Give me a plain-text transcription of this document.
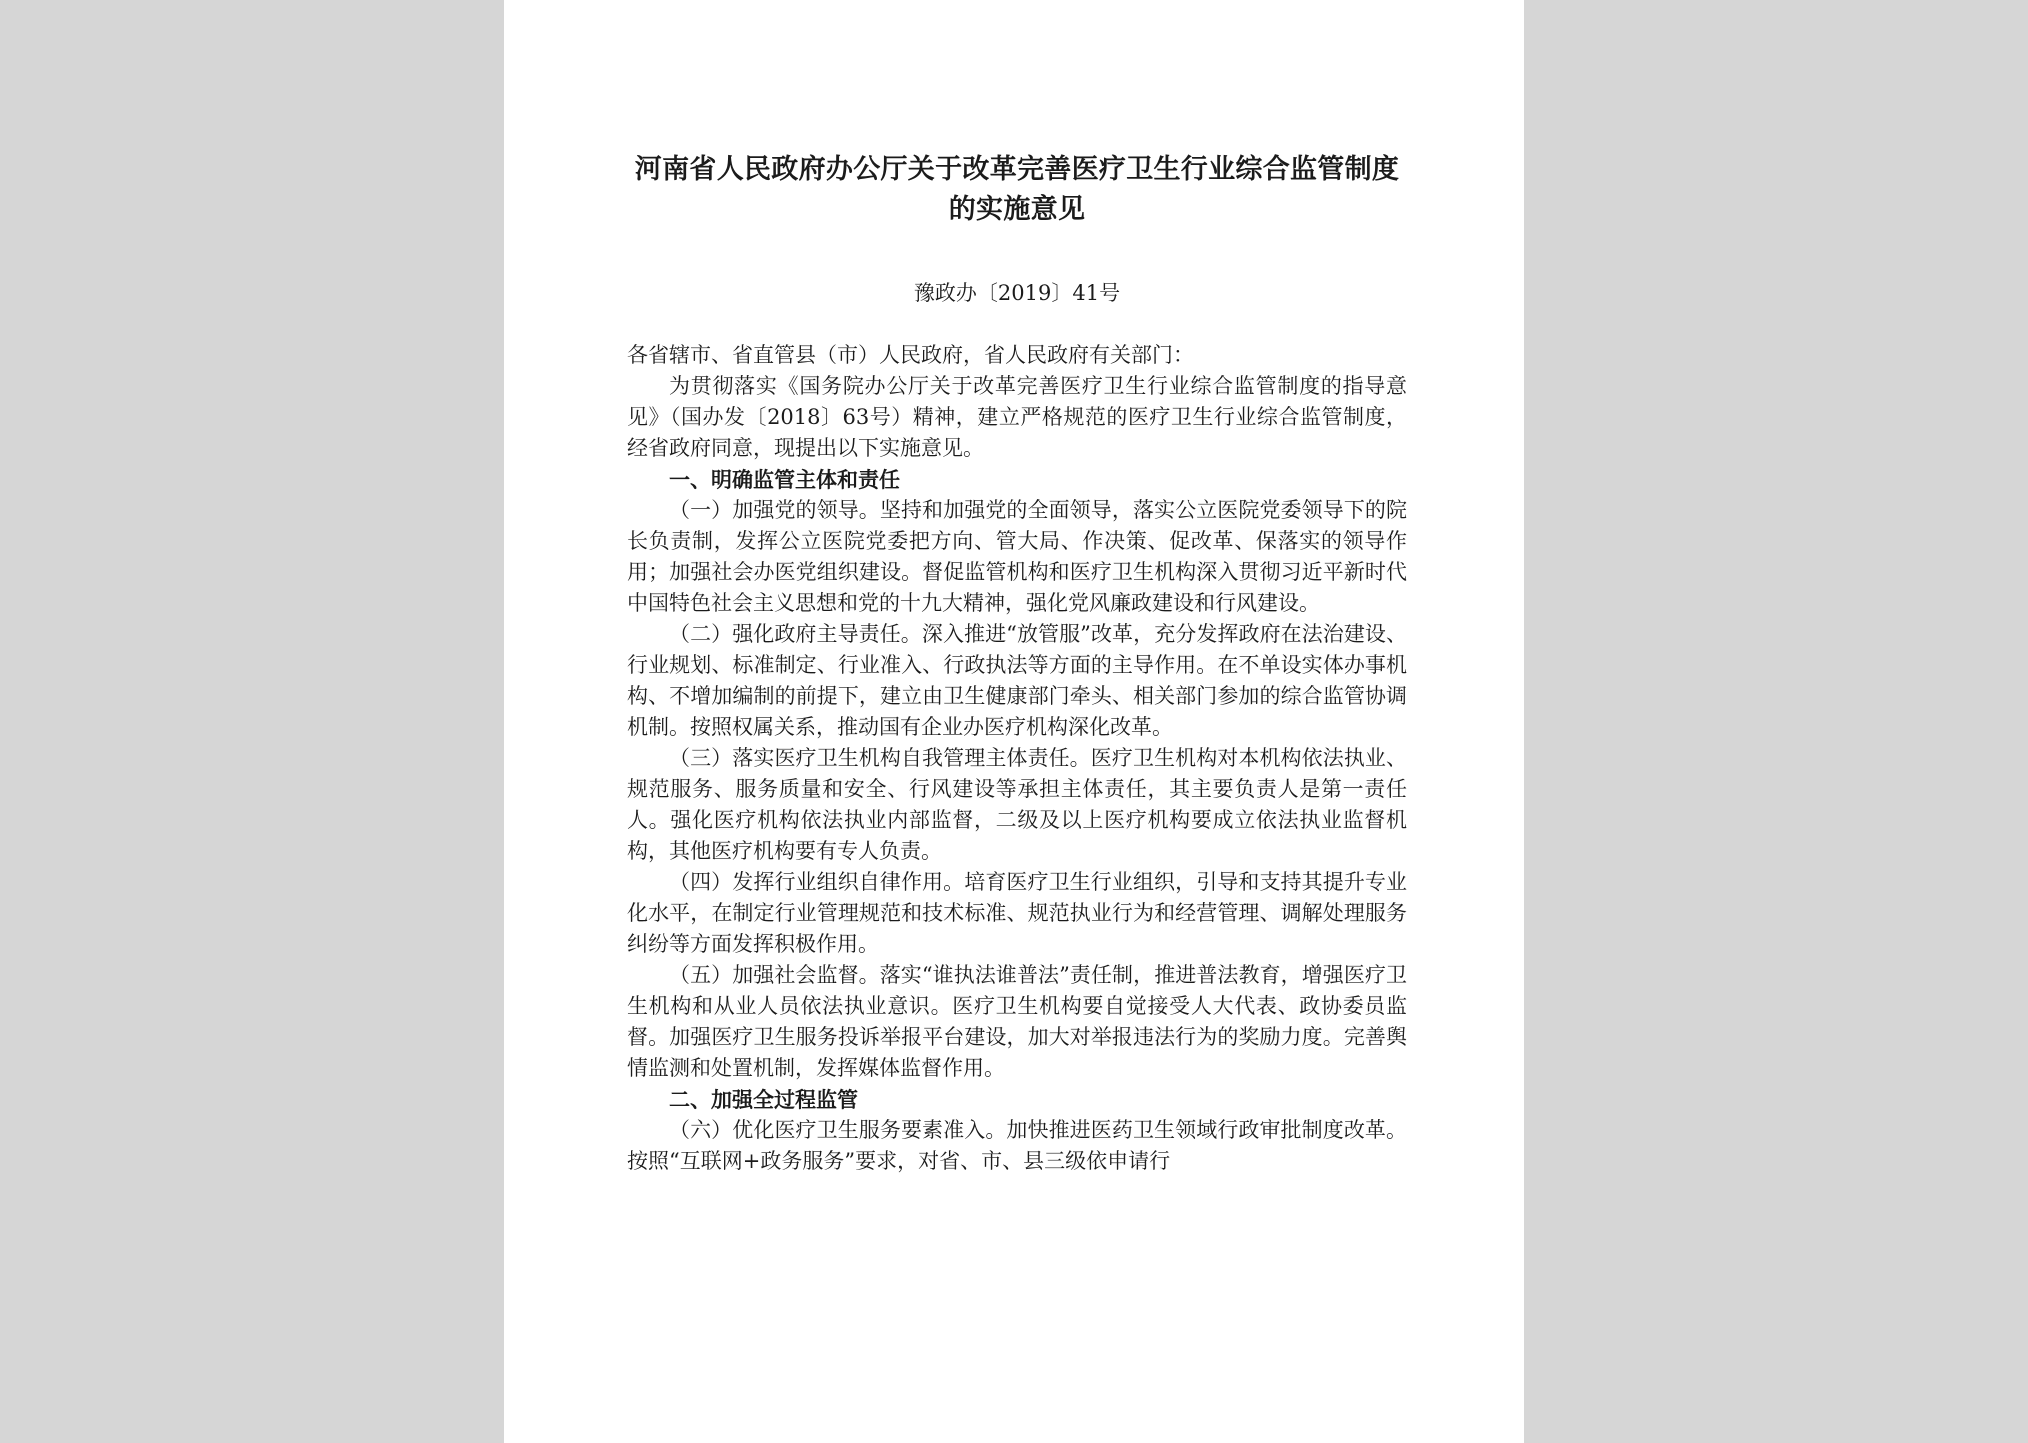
河南省人民政府办公厅关于改革完善医疗卫生行业综合监管制度的实施意见
豫政办〔2019〕41号

各省辖市、省直管县（市）人民政府，省人民政府有关部门：

为贯彻落实《国务院办公厅关于改革完善医疗卫生行业综合监管制度的指导意见》（国办发〔2018〕63号）精神，建立严格规范的医疗卫生行业综合监管制度，经省政府同意，现提出以下实施意见。

一、明确监管主体和责任

（一）加强党的领导。坚持和加强党的全面领导，落实公立医院党委领导下的院长负责制，发挥公立医院党委把方向、管大局、作决策、促改革、保落实的领导作用；加强社会办医党组织建设。督促监管机构和医疗卫生机构深入贯彻习近平新时代中国特色社会主义思想和党的十九大精神，强化党风廉政建设和行风建设。

（二）强化政府主导责任。深入推进“放管服”改革，充分发挥政府在法治建设、行业规划、标准制定、行业准入、行政执法等方面的主导作用。在不单设实体办事机构、不增加编制的前提下，建立由卫生健康部门牵头、相关部门参加的综合监管协调机制。按照权属关系，推动国有企业办医疗机构深化改革。

（三）落实医疗卫生机构自我管理主体责任。医疗卫生机构对本机构依法执业、规范服务、服务质量和安全、行风建设等承担主体责任，其主要负责人是第一责任人。强化医疗机构依法执业内部监督，二级及以上医疗机构要成立依法执业监督机构，其他医疗机构要有专人负责。

（四）发挥行业组织自律作用。培育医疗卫生行业组织，引导和支持其提升专业化水平，在制定行业管理规范和技术标准、规范执业行为和经营管理、调解处理服务纠纷等方面发挥积极作用。

（五）加强社会监督。落实“谁执法谁普法”责任制，推进普法教育，增强医疗卫生机构和从业人员依法执业意识。医疗卫生机构要自觉接受人大代表、政协委员监督。加强医疗卫生服务投诉举报平台建设，加大对举报违法行为的奖励力度。完善舆情监测和处置机制，发挥媒体监督作用。

二、加强全过程监管

（六）优化医疗卫生服务要素准入。加快推进医药卫生领域行政审批制度改革。按照“互联网+政务服务”要求，对省、市、县三级依申请行
